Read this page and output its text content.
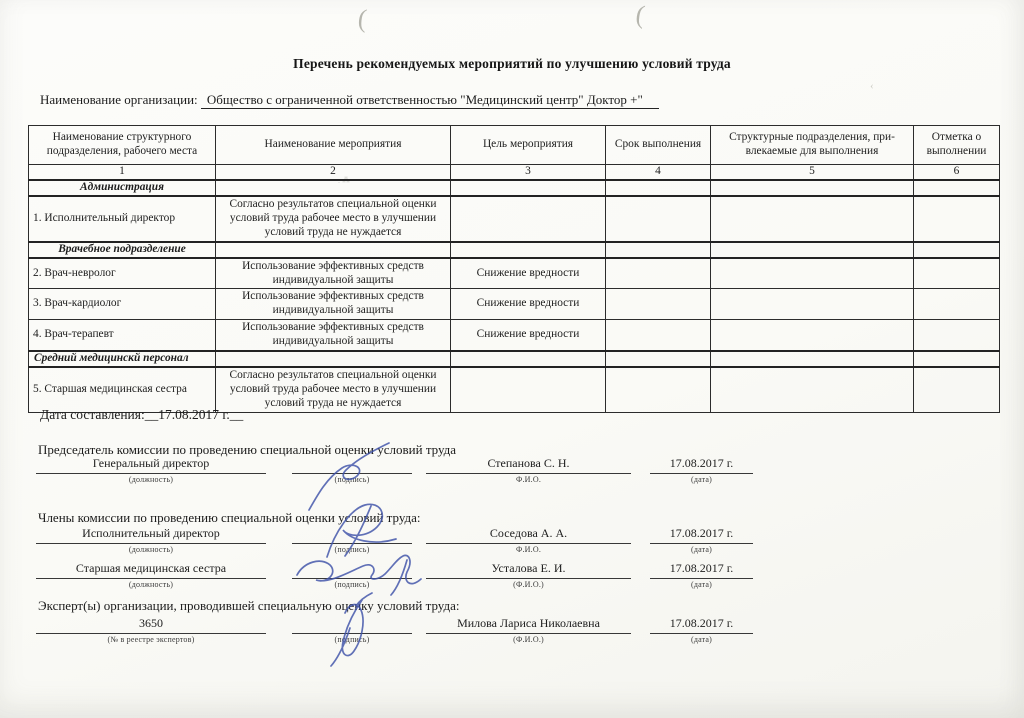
(	(
‹
. ⁂·
Перечень рекомендуемых мероприятий по улучшению условий труда
Наименование организации: Общество с ограниченной ответственностью "Медицинский центр" Доктор +"
Наименование структурного подразделения, рабочего места	Наименование мероприятия	Цель мероприятия	Срок выполнения	Структурные подразделения, привлекаемые для выполнения	Отметка о выполнении
1	2	3	4	5	6
Администрация					
1. Исполнительный директор	Согласно результатов специальной оценки условий труда рабочее место в улучшении условий труда не нуждается				
Врачебное подразделение					
2. Врач-невролог	Использование эффективных средств индивидуальной защиты	Снижение вредности			
3. Врач-кардиолог	Использование эффективных средств индивидуальной защиты	Снижение вредности			
4. Врач-терапевт	Использование эффективных средств индивидуальной защиты	Снижение вредности			
Средний медицинскй персонал					
5. Старшая медицинская сестра	Согласно результатов специальной оценки условий труда рабочее место в улучшении условий труда не нуждается				
Дата составления:__17.08.2017 г.__
Председатель комиссии по проведению специальной оценки условий труда
Генеральный директор
(должность)	(подпись)
Степанова С. Н.
Ф.И.О.
17.08.2017 г.
(дата)
Члены комиссии по проведению специальной оценки условий труда:
Исполнительный директор
(должность)	(подпись)
Соседова А. А.
Ф.И.О.
17.08.2017 г.
(дата)
Старшая медицинская сестра
(должность)	(подпись)
Усталова Е. И.
(Ф.И.О.)
17.08.2017 г.
(дата)
Эксперт(ы) организации, проводившей специальную оценку условий труда:
3650
(№ в реестре экспертов)	(подпись)
Милова Лариса Николаевна
(Ф.И.О.)
17.08.2017 г.
(дата)
